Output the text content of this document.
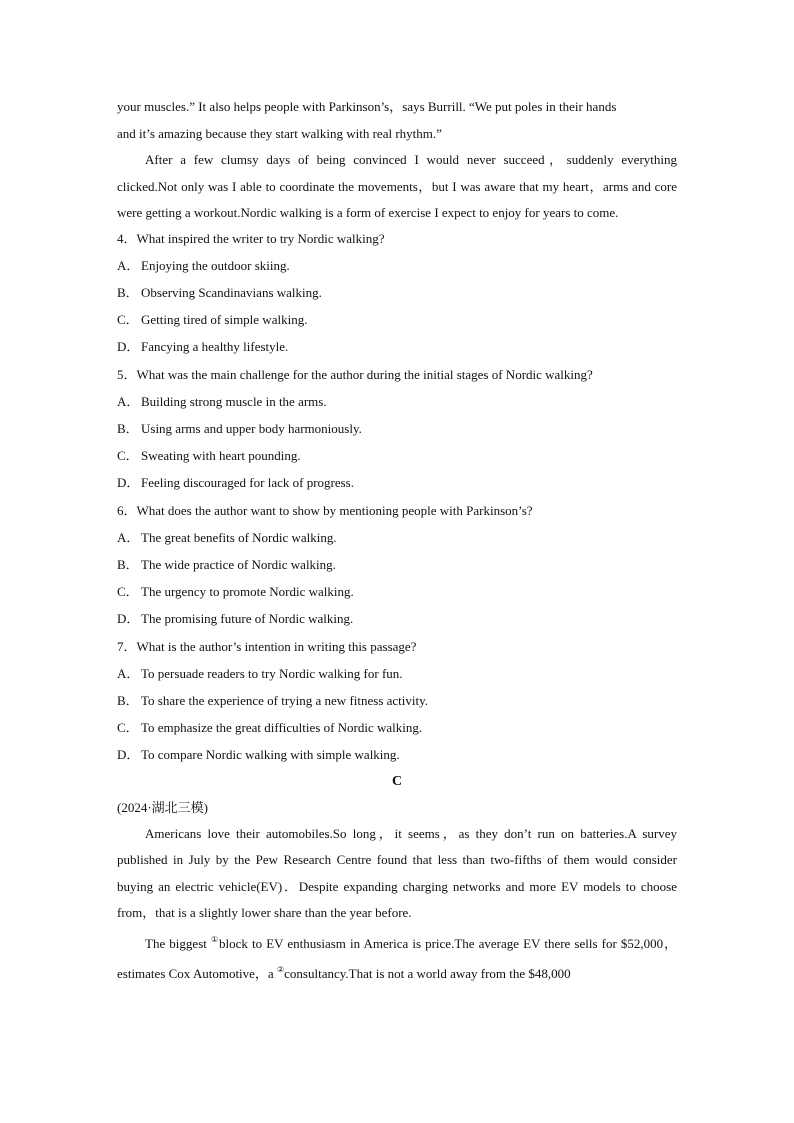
your muscles.” It also helps people with Parkinson’s，says Burrill. “We put poles in their hands
and it’s amazing because they start walking with real rhythm.”

After a few clumsy days of being convinced I would never succeed，suddenly everything clicked.Not only was I able to coordinate the movements，but I was aware that my heart，arms and core were getting a workout.Nordic walking is a form of exercise I expect to enjoy for years to come.

4．What inspired the writer to try Nordic walking?
A． Enjoying the outdoor skiing.
B． Observing Scandinavians walking.
C． Getting tired of simple walking.
D． Fancying a healthy lifestyle.
5．What was the main challenge for the author during the initial stages of Nordic walking?
A． Building strong muscle in the arms.
B． Using arms and upper body harmoniously.
C． Sweating with heart pounding.
D． Feeling discouraged for lack of progress.
6．What does the author want to show by mentioning people with Parkinson’s?
A． The great benefits of Nordic walking.
B． The wide practice of Nordic walking.
C． The urgency to promote Nordic walking.
D． The promising future of Nordic walking.
7．What is the author’s intention in writing this passage?
A． To persuade readers to try Nordic walking for fun.
B． To share the experience of trying a new fitness activity.
C． To emphasize the great difficulties of Nordic walking.
D． To compare Nordic walking with simple walking.
C
(2024·湖北三模)

Americans love their automobiles.So long，it seems，as they don’t run on batteries.A survey published in July by the Pew Research Centre found that less than two-fifths of them would consider buying an electric vehicle(EV)．Despite expanding charging networks and more EV models to choose from，that is a slightly lower share than the year before.

The biggest ①block to EV enthusiasm in America is price.The average EV there sells for $52,000，estimates Cox Automotive，a ②consultancy.That is not a world away from the $48,000
